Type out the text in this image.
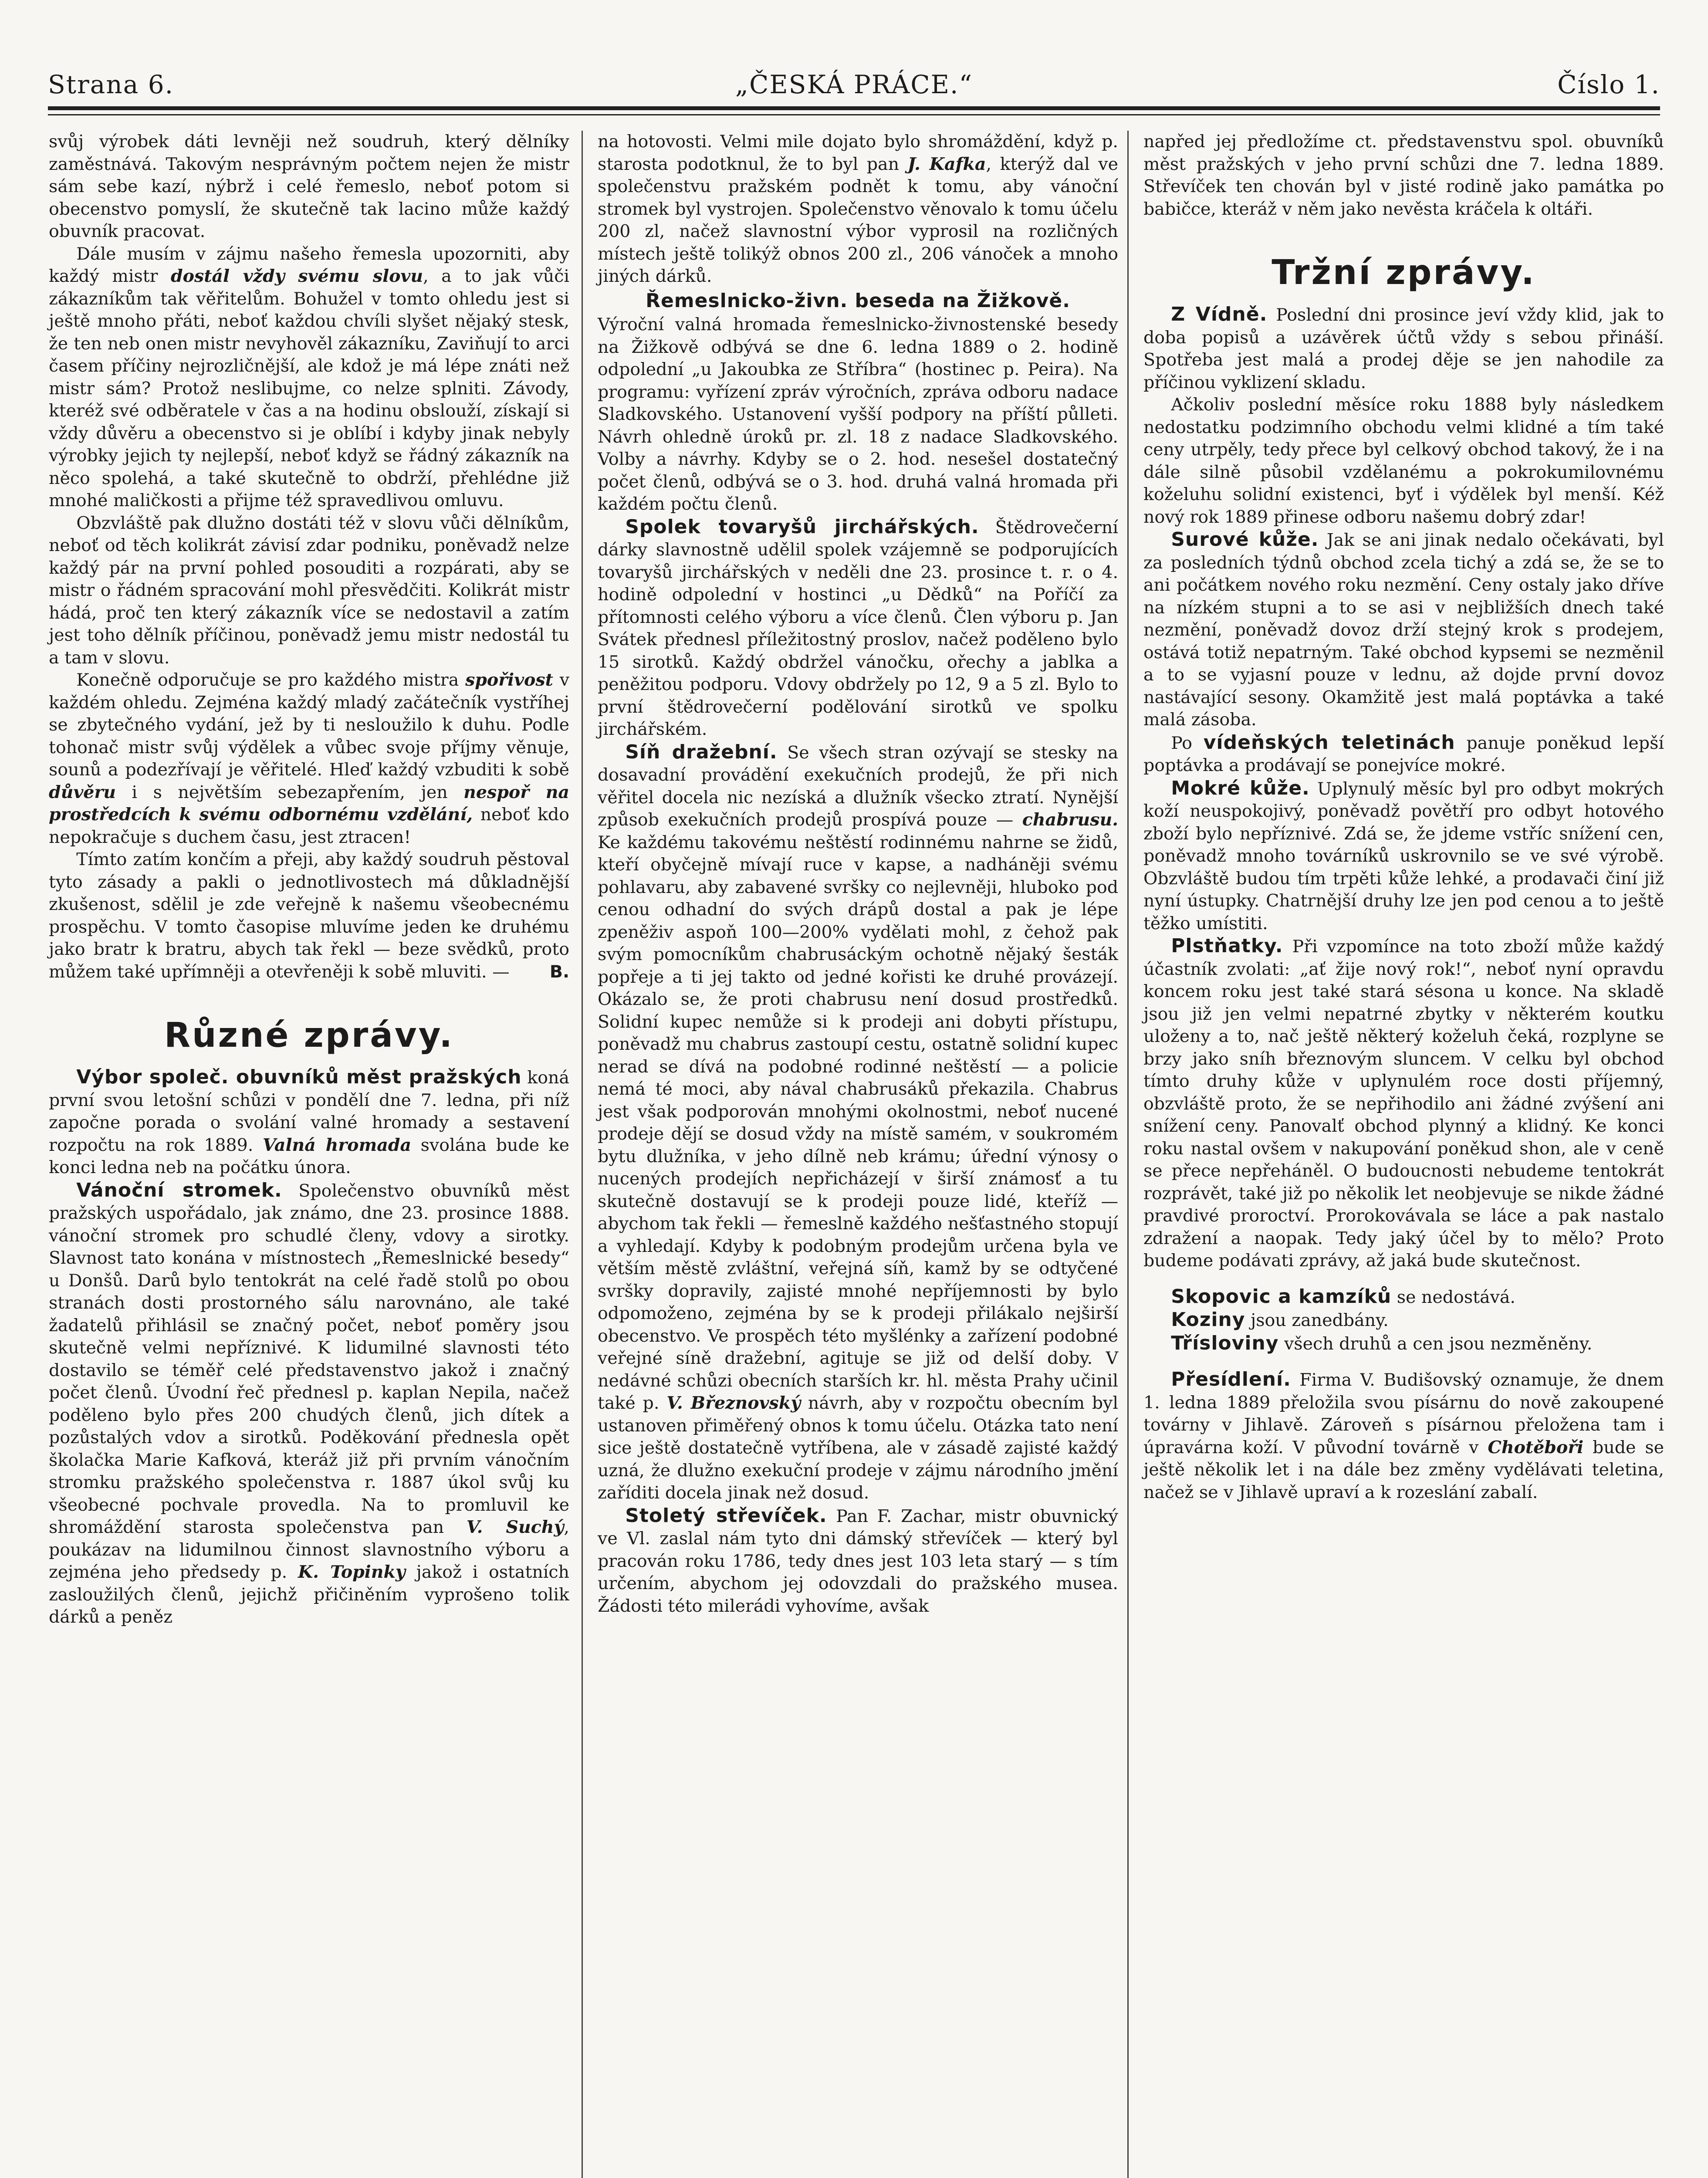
Strana 6.	„ČESKÁ PRÁCE.“	Číslo 1.

svůj výrobek dáti levněji než soudruh, který dělníky zaměstnává. Takovým nesprávným počtem nejen že mistr sám sebe kazí, nýbrž i celé řemeslo, neboť potom si obecenstvo pomyslí, že skutečně tak lacino může každý obuvník pracovat.

Dále musím v zájmu našeho řemesla upozorniti, aby každý mistr dostál vždy svému slovu, a to jak vůči zákazníkům tak věřitelům. Bohužel v tomto ohledu jest si ještě mnoho přáti, neboť každou chvíli slyšet nějaký stesk, že ten neb onen mistr nevyhověl zákazníku, Zaviňují to arci časem příčiny nejrozličnější, ale kdož je má lépe znáti než mistr sám? Protož neslibujme, co nelze splniti. Závody, kteréž své odběratele v čas a na hodinu obslouží, získají si vždy důvěru a obecenstvo si je oblíbí i kdyby jinak nebyly výrobky jejich ty nejlepší, neboť když se řádný zákazník na něco spolehá, a také skutečně to obdrží, přehlédne již mnohé maličkosti a přijme též spravedlivou omluvu.

Obzvláště pak dlužno dostáti též v slovu vůči dělníkům, neboť od těch kolikrát závisí zdar podniku, poněvadž nelze každý pár na první pohled posouditi a rozpárati, aby se mistr o řádném spracování mohl přesvědčiti. Kolikrát mistr hádá, proč ten který zákazník více se nedostavil a zatím jest toho dělník příčinou, poněvadž jemu mistr nedostál tu a tam v slovu.

Konečně odporučuje se pro každého mistra spořivost v každém ohledu. Zejména každý mladý začátečník vystříhej se zbytečného vydání, jež by ti nesloužilo k duhu. Podle tohonač mistr svůj výdělek a vůbec svoje příjmy věnuje, sounů a podezřívají je věřitelé. Hleď každý vzbuditi k sobě důvěru i s největším sebezapřením, jen nespoř na prostředcích k svému odbornému vzdělání, neboť kdo nepokračuje s duchem času, jest ztracen!

Tímto zatím končím a přeji, aby každý soudruh pěstoval tyto zásady a pakli o jednotlivostech má důkladnější zkušenost, sdělil je zde veřejně k našemu všeobecnému prospěchu. V tomto časopise mluvíme jeden ke druhému jako bratr k bratru, abych tak řekl — beze svědků, proto můžem také upřímněji a otevřeněji k sobě mluviti. —	B.

Různé zprávy.

Výbor společ. obuvníků měst pražských koná první svou letošní schůzi v pondělí dne 7. ledna, při níž započne porada o svolání valné hromady a sestavení rozpočtu na rok 1889. Valná hromada svolána bude ke konci ledna neb na počátku února.

Vánoční stromek. Společenstvo obuvníků měst pražských uspořádalo, jak známo, dne 23. prosince 1888. vánoční stromek pro schudlé členy, vdovy a sirotky. Slavnost tato konána v místnostech „Řemeslnické besedy“ u Donšů. Darů bylo tentokrát na celé řadě stolů po obou stranách dosti prostorného sálu narovnáno, ale také žadatelů přihlásil se značný počet, neboť poměry jsou skutečně velmi nepříznivé. K lidumilné slavnosti této dostavilo se téměř celé představenstvo jakož i značný počet členů. Úvodní řeč přednesl p. kaplan Nepila, načež poděleno bylo přes 200 chudých členů, jich dítek a pozůstalých vdov a sirotků. Poděkování přednesla opět školačka Marie Kafková, kteráž již při prvním vánočním stromku pražského společenstva r. 1887 úkol svůj ku všeobecné pochvale provedla. Na to promluvil ke shromáždění starosta společenstva pan V. Suchý, poukázav na lidumilnou činnost slavnostního výboru a zejména jeho předsedy p. K. Topinky jakož i ostatních zasloužilých členů, jejichž přičiněním vyprošeno tolik dárků a peněz

na hotovosti. Velmi mile dojato bylo shromáždění, když p. starosta podotknul, že to byl pan J. Kafka, kterýž dal ve společenstvu pražském podnět k tomu, aby vánoční stromek byl vystrojen. Společenstvo věnovalo k tomu účelu 200 zl, načež slavnostní výbor vyprosil na rozličných místech ještě tolikýž obnos 200 zl., 206 vánoček a mnoho jiných dárků.

Řemeslnicko-živn. beseda na Žižkově.

Výroční valná hromada řemeslnicko-živnostenské besedy na Žižkově odbývá se dne 6. ledna 1889 o 2. hodině odpolední „u Jakoubka ze Stříbra“ (hostinec p. Peira). Na programu: vyřízení zpráv výročních, zpráva odboru nadace Sladkovského. Ustanovení vyšší podpory na příští půlleti. Návrh ohledně úroků pr. zl. 18 z nadace Sladkovského. Volby a návrhy. Kdyby se o 2. hod. nesešel dostatečný počet členů, odbývá se o 3. hod. druhá valná hromada při každém počtu členů.

Spolek tovaryšů jirchářských. Štědrovečerní dárky slavnostně udělil spolek vzájemně se podporujících tovaryšů jirchářských v neděli dne 23. prosince t. r. o 4. hodině odpolední v hostinci „u Dědků“ na Poříčí za přítomnosti celého výboru a více členů. Člen výboru p. Jan Svátek přednesl příležitostný proslov, načež poděleno bylo 15 sirotků. Každý obdržel vánočku, ořechy a jablka a peněžitou podporu. Vdovy obdržely po 12, 9 a 5 zl. Bylo to první štědrovečerní podělování sirotků ve spolku jirchářském.

Síň dražební. Se všech stran ozývají se stesky na dosavadní provádění exekučních prodejů, že při nich věřitel docela nic nezíská a dlužník všecko ztratí. Nynější způsob exekučních prodejů prospívá pouze — chabrusu. Ke každému takovému neštěstí rodinnému nahrne se židů, kteří obyčejně mívají ruce v kapse, a nadháněji svému pohlavaru, aby zabavené svršky co nejlevněji, hluboko pod cenou odhadní do svých drápů dostal a pak je lépe zpeněživ aspoň 100—200% vydělati mohl, z čehož pak svým pomocníkům chabrusáckým ochotně nějaký šesták popřeje a ti jej takto od jedné kořisti ke druhé provázejí. Okázalo se, že proti chabrusu není dosud prostředků. Solidní kupec nemůže si k prodeji ani dobyti přístupu, poněvadž mu chabrus zastoupí cestu, ostatně solidní kupec nerad se dívá na podobné rodinné neštěstí — a policie nemá té moci, aby nával chabrusáků překazila. Chabrus jest však podporován mnohými okolnostmi, neboť nucené prodeje dějí se dosud vždy na místě samém, v soukromém bytu dlužníka, v jeho dílně neb krámu; úřední výnosy o nucených prodejích nepřicházejí v širší známosť a tu skutečně dostavují se k prodeji pouze lidé, kteříž — abychom tak řekli — řemeslně každého nešťastného stopují a vyhledají. Kdyby k podobným prodejům určena byla ve větším městě zvláštní, veřejná síň, kamž by se odtyčené svršky dopravily, zajisté mnohé nepříjemnosti by bylo odpomoženo, zejména by se k prodeji přilákalo nejširší obecenstvo. Ve prospěch této myšlénky a zařízení podobné veřejné síně dražební, agituje se již od delší doby. V nedávné schůzi obecních starších kr. hl. města Prahy učinil také p. V. Březnovský návrh, aby v rozpočtu obecním byl ustanoven přiměřený obnos k tomu účelu. Otázka tato není sice ještě dostatečně vytříbena, ale v zásadě zajisté každý uzná, že dlužno exekuční prodeje v zájmu národního jmění zaříditi docela jinak než dosud.

Stoletý střevíček. Pan F. Zachar, mistr obuvnický ve Vl. zaslal nám tyto dni dámský střevíček — který byl pracován roku 1786, tedy dnes jest 103 leta starý — s tím určením, abychom jej odovzdali do pražského musea. Žádosti této milerádi vyhovíme, avšak

napřed jej předložíme ct. představenstvu spol. obuvníků měst pražských v jeho první schůzi dne 7. ledna 1889. Střevíček ten chován byl v jisté rodině jako památka po babičce, kteráž v něm jako nevěsta kráčela k oltáři.

Tržní zprávy.

Z Vídně. Poslední dni prosince jeví vždy klid, jak to doba popisů a uzávěrek účtů vždy s sebou přináší. Spotřeba jest malá a prodej děje se jen nahodile za příčinou vyklizení skladu.

Ačkoliv poslední měsíce roku 1888 byly následkem nedostatku podzimního obchodu velmi klidné a tím také ceny utrpěly, tedy přece byl celkový obchod takový, že i na dále silně působil vzdělanému a pokrokumilovnému koželuhu solidní existenci, byť i výdělek byl menší. Kéž nový rok 1889 přinese odboru našemu dobrý zdar!

Surové kůže. Jak se ani jinak nedalo očekávati, byl za posledních týdnů obchod zcela tichý a zdá se, že se to ani počátkem nového roku nezmění. Ceny ostaly jako dříve na nízkém stupni a to se asi v nejbližších dnech také nezmění, poněvadž dovoz drží stejný krok s prodejem, ostává totiž nepatrným. Také obchod kypsemi se nezměnil a to se vyjasní pouze v lednu, až dojde první dovoz nastávající sesony. Okamžitě jest malá poptávka a také malá zásoba.

Po vídeňských teletinách panuje poněkud lepší poptávka a prodávají se ponejvíce mokré.

Mokré kůže. Uplynulý měsíc byl pro odbyt mokrých koží neuspokojivý, poněvadž povětří pro odbyt hotového zboží bylo nepříznivé. Zdá se, že jdeme vstříc snížení cen, poněvadž mnoho továrníků uskrovnilo se ve své výrobě. Obzvláště budou tím trpěti kůže lehké, a prodavači činí již nyní ústupky. Chatrnější druhy lze jen pod cenou a to ještě těžko umístiti.

Plstňatky. Při vzpomínce na toto zboží může každý účastník zvolati: „ať žije nový rok!“, neboť nyní opravdu koncem roku jest také stará sésona u konce. Na skladě jsou již jen velmi nepatrné zbytky v některém koutku uloženy a to, nač ještě některý koželuh čeká, rozplyne se brzy jako sníh březnovým sluncem. V celku byl obchod tímto druhy kůže v uplynulém roce dosti příjemný, obzvláště proto, že se nepřihodilo ani žádné zvýšení ani snížení ceny. Panovalť obchod plynný a klidný. Ke konci roku nastal ovšem v nakupování poněkud shon, ale v ceně se přece nepřeháněl. O budoucnosti nebudeme tentokrát rozprávět, také již po několik let neobjevuje se nikde žádné pravdivé proroctví. Prorokovávala se láce a pak nastalo zdražení a naopak. Tedy jaký účel by to mělo? Proto budeme podávati zprávy, až jaká bude skutečnost.

Skopovic a kamzíků se nedostává.

Koziny jsou zanedbány.

Třísloviny všech druhů a cen jsou nezměněny.

Přesídlení. Firma V. Budišovský oznamuje, že dnem 1. ledna 1889 přeložila svou písárnu do nově zakoupené továrny v Jihlavě. Zároveň s písárnou přeložena tam i úpravárna koží. V původní továrně v Chotěboři bude se ještě několik let i na dále bez změny vydělávati teletina, načež se v Jihlavě upraví a k rozeslání zabalí.
